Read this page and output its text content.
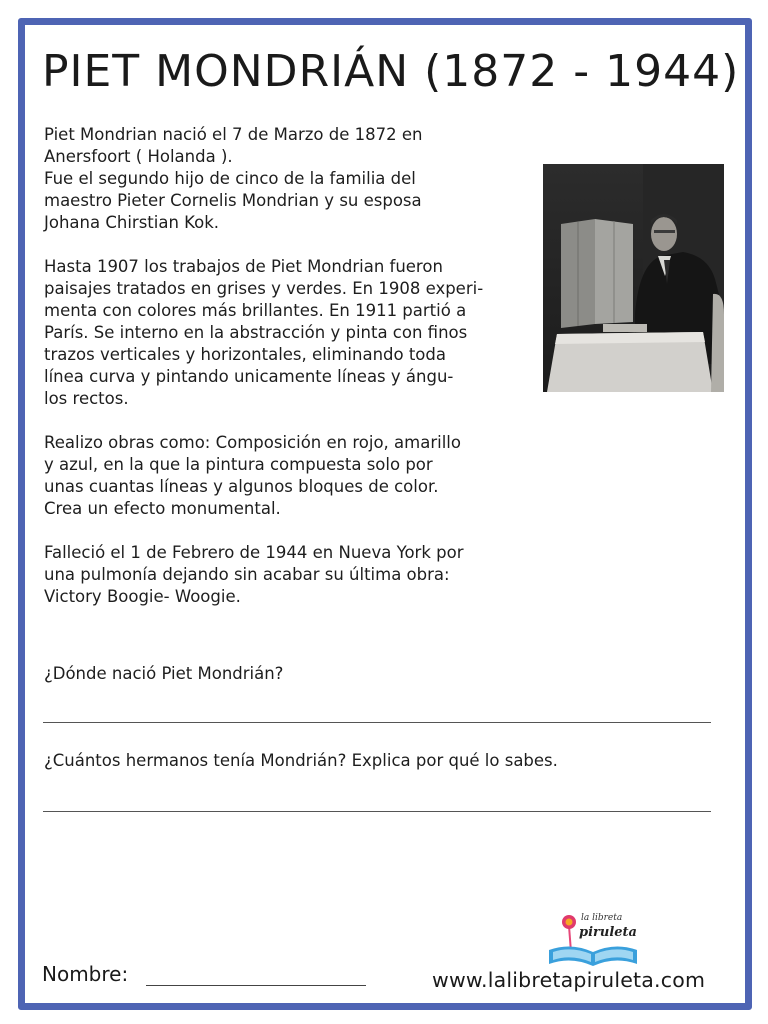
PIET MONDRIÁN (1872 - 1944)

Piet Mondrian nació el 7 de Marzo de 1872 en
Anersfoort ( Holanda ).
Fue el segundo hijo de cinco de la familia del
maestro Pieter Cornelis Mondrian y su esposa
Johana Chirstian Kok.

Hasta 1907 los trabajos de Piet Mondrian fueron
paisajes tratados en grises y verdes. En 1908 experi-
menta con colores más brillantes. En 1911 partió a
París. Se interno en la abstracción y pinta con finos
trazos verticales y horizontales, eliminando toda
línea curva y pintando unicamente líneas y ángu-
los rectos.

Realizo obras como: Composición en rojo, amarillo
y azul, en la que la pintura compuesta solo por
unas cuantas líneas y algunos bloques de color.
Crea un efecto monumental.

Falleció el 1 de Febrero de 1944 en Nueva York por
una pulmonía dejando sin acabar su última obra:
Victory Boogie- Woogie.

¿Dónde nació Piet Mondrián?
¿Cuántos hermanos tenía Mondrián? Explica por qué lo sabes.
la libreta
piruleta
Nombre:	www.lalibretapiruleta.com
